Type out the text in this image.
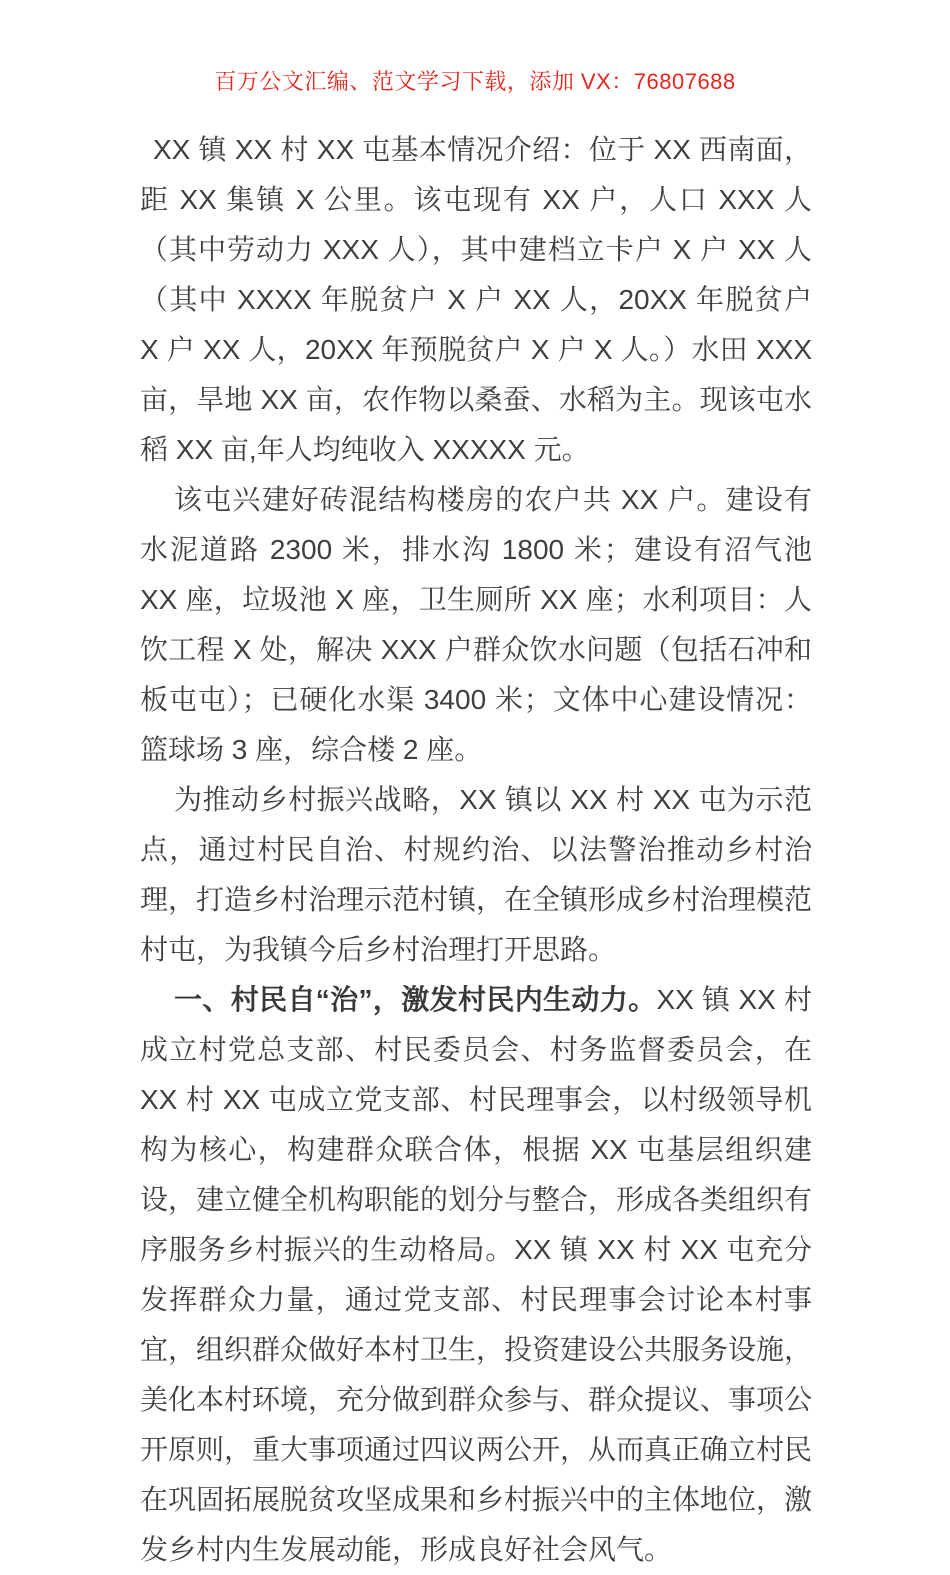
百万公文汇编、范文学习下载，添加 VX：76807688

XX 镇 XX 村 XX 屯基本情况介绍：位于 XX 西南面，距 XX 集镇 X 公里。该屯现有 XX 户，人口 XXX 人（其中劳动力 XXX 人），其中建档立卡户 X 户 XX 人（其中 XXXX 年脱贫户 X 户 XX 人，20XX 年脱贫户 X 户 XX 人，20XX 年预脱贫户 X 户 X 人。）水田 XXX 亩，旱地 XX 亩，农作物以桑蚕、水稻为主。现该屯水稻 XX 亩,年人均纯收入 XXXXX 元。

该屯兴建好砖混结构楼房的农户共 XX 户。建设有水泥道路 2300 米，排水沟 1800 米；建设有沼气池 XX 座，垃圾池 X 座，卫生厕所 XX 座；水利项目：人饮工程 X 处，解决 XXX 户群众饮水问题（包括石冲和板屯屯）；已硬化水渠 3400 米；文体中心建设情况：篮球场 3 座，综合楼 2 座。

为推动乡村振兴战略，XX 镇以 XX 村 XX 屯为示范点，通过村民自治、村规约治、以法警治推动乡村治理，打造乡村治理示范村镇，在全镇形成乡村治理模范村屯，为我镇今后乡村治理打开思路。

一、村民自“治”，激发村民内生动力。XX 镇 XX 村成立村党总支部、村民委员会、村务监督委员会，在 XX 村 XX 屯成立党支部、村民理事会，以村级领导机构为核心，构建群众联合体，根据 XX 屯基层组织建设，建立健全机构职能的划分与整合，形成各类组织有序服务乡村振兴的生动格局。XX 镇 XX 村 XX 屯充分发挥群众力量，通过党支部、村民理事会讨论本村事宜，组织群众做好本村卫生，投资建设公共服务设施，美化本村环境，充分做到群众参与、群众提议、事项公开原则，重大事项通过四议两公开，从而真正确立村民在巩固拓展脱贫攻坚成果和乡村振兴中的主体地位，激发乡村内生发展动能，形成良好社会风气。
